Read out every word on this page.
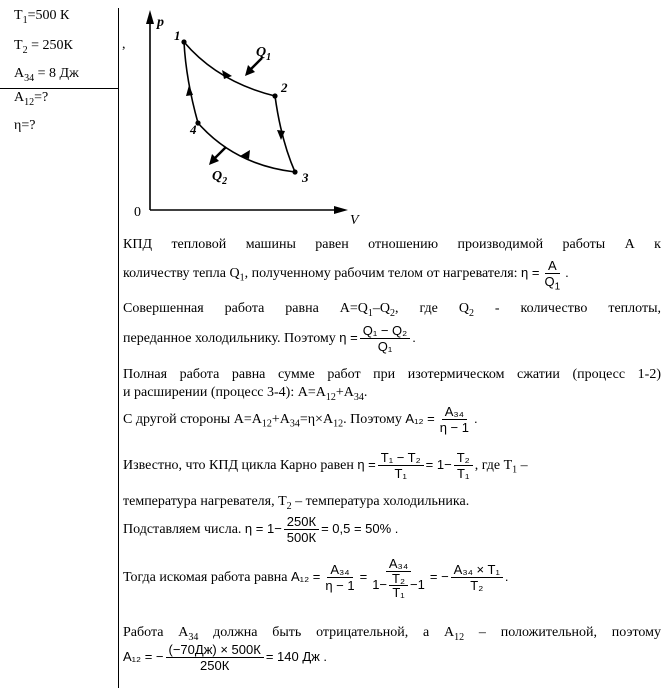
$T_1=500$ К
$T_2 = 250К$
$A_{34} = 8$ Дж
$A_{12}=$?
η=?
p
V
0
,
1
2
3
4
$Q_1$
$Q_2$
КПД тепловой машины равен отношению производимой работы А к
количеству тепла $Q_1$, полученному рабочим телом от нагревателя: $\eta = \frac{A}{Q_1}$ .
Совершенная работа равна $A=Q_1-Q_2$, где $Q_2$ - количество теплоты,
переданное холодильнику. Поэтому $\eta = \frac{\text{Q₁ − Q₂}}{\text{Q₁}}$ .
Полная работа равна сумме работ при изотермическом сжатии (процесс 1-2)
и расширении (процесс 3-4): $A=A_{12}+A_{34}$.
С другой стороны $A=A_{12}+A_{34}=\eta\times A_{12}$. Поэтому $A_{12} = \frac{\text{A₃₄}}{\eta - 1}$ .
Известно, что КПД цикла Карно равен $\eta = \frac{\text{T₁ − T₂}}{\text{T₁}} = 1- \frac{\text{T₂}}{\text{T₁}}$ , где $T_1$ –
температура нагревателя, $T_2$ – температура холодильника.
Подставляем числа. $\eta = 1- \frac{250К}{500К} = 0,5 = 50\%$ .
Тогда искомая работа равна $A_{12} = \frac{\text{A₃₄}}{\eta - 1} = \frac{\text{A₃₄}}{1- \frac{\text{T₂}}{\text{T₁}} -1}$ = − $\frac{\text{A₃₄ × T₁}}{\text{T₂}}$ .
Работа $A_{34}$ должна быть отрицательной, а $A_{12}$ – положительной, поэтому
A₁₂ = − $\frac{(-70Дж) \times 500К}{250К} = 140$ Дж .
